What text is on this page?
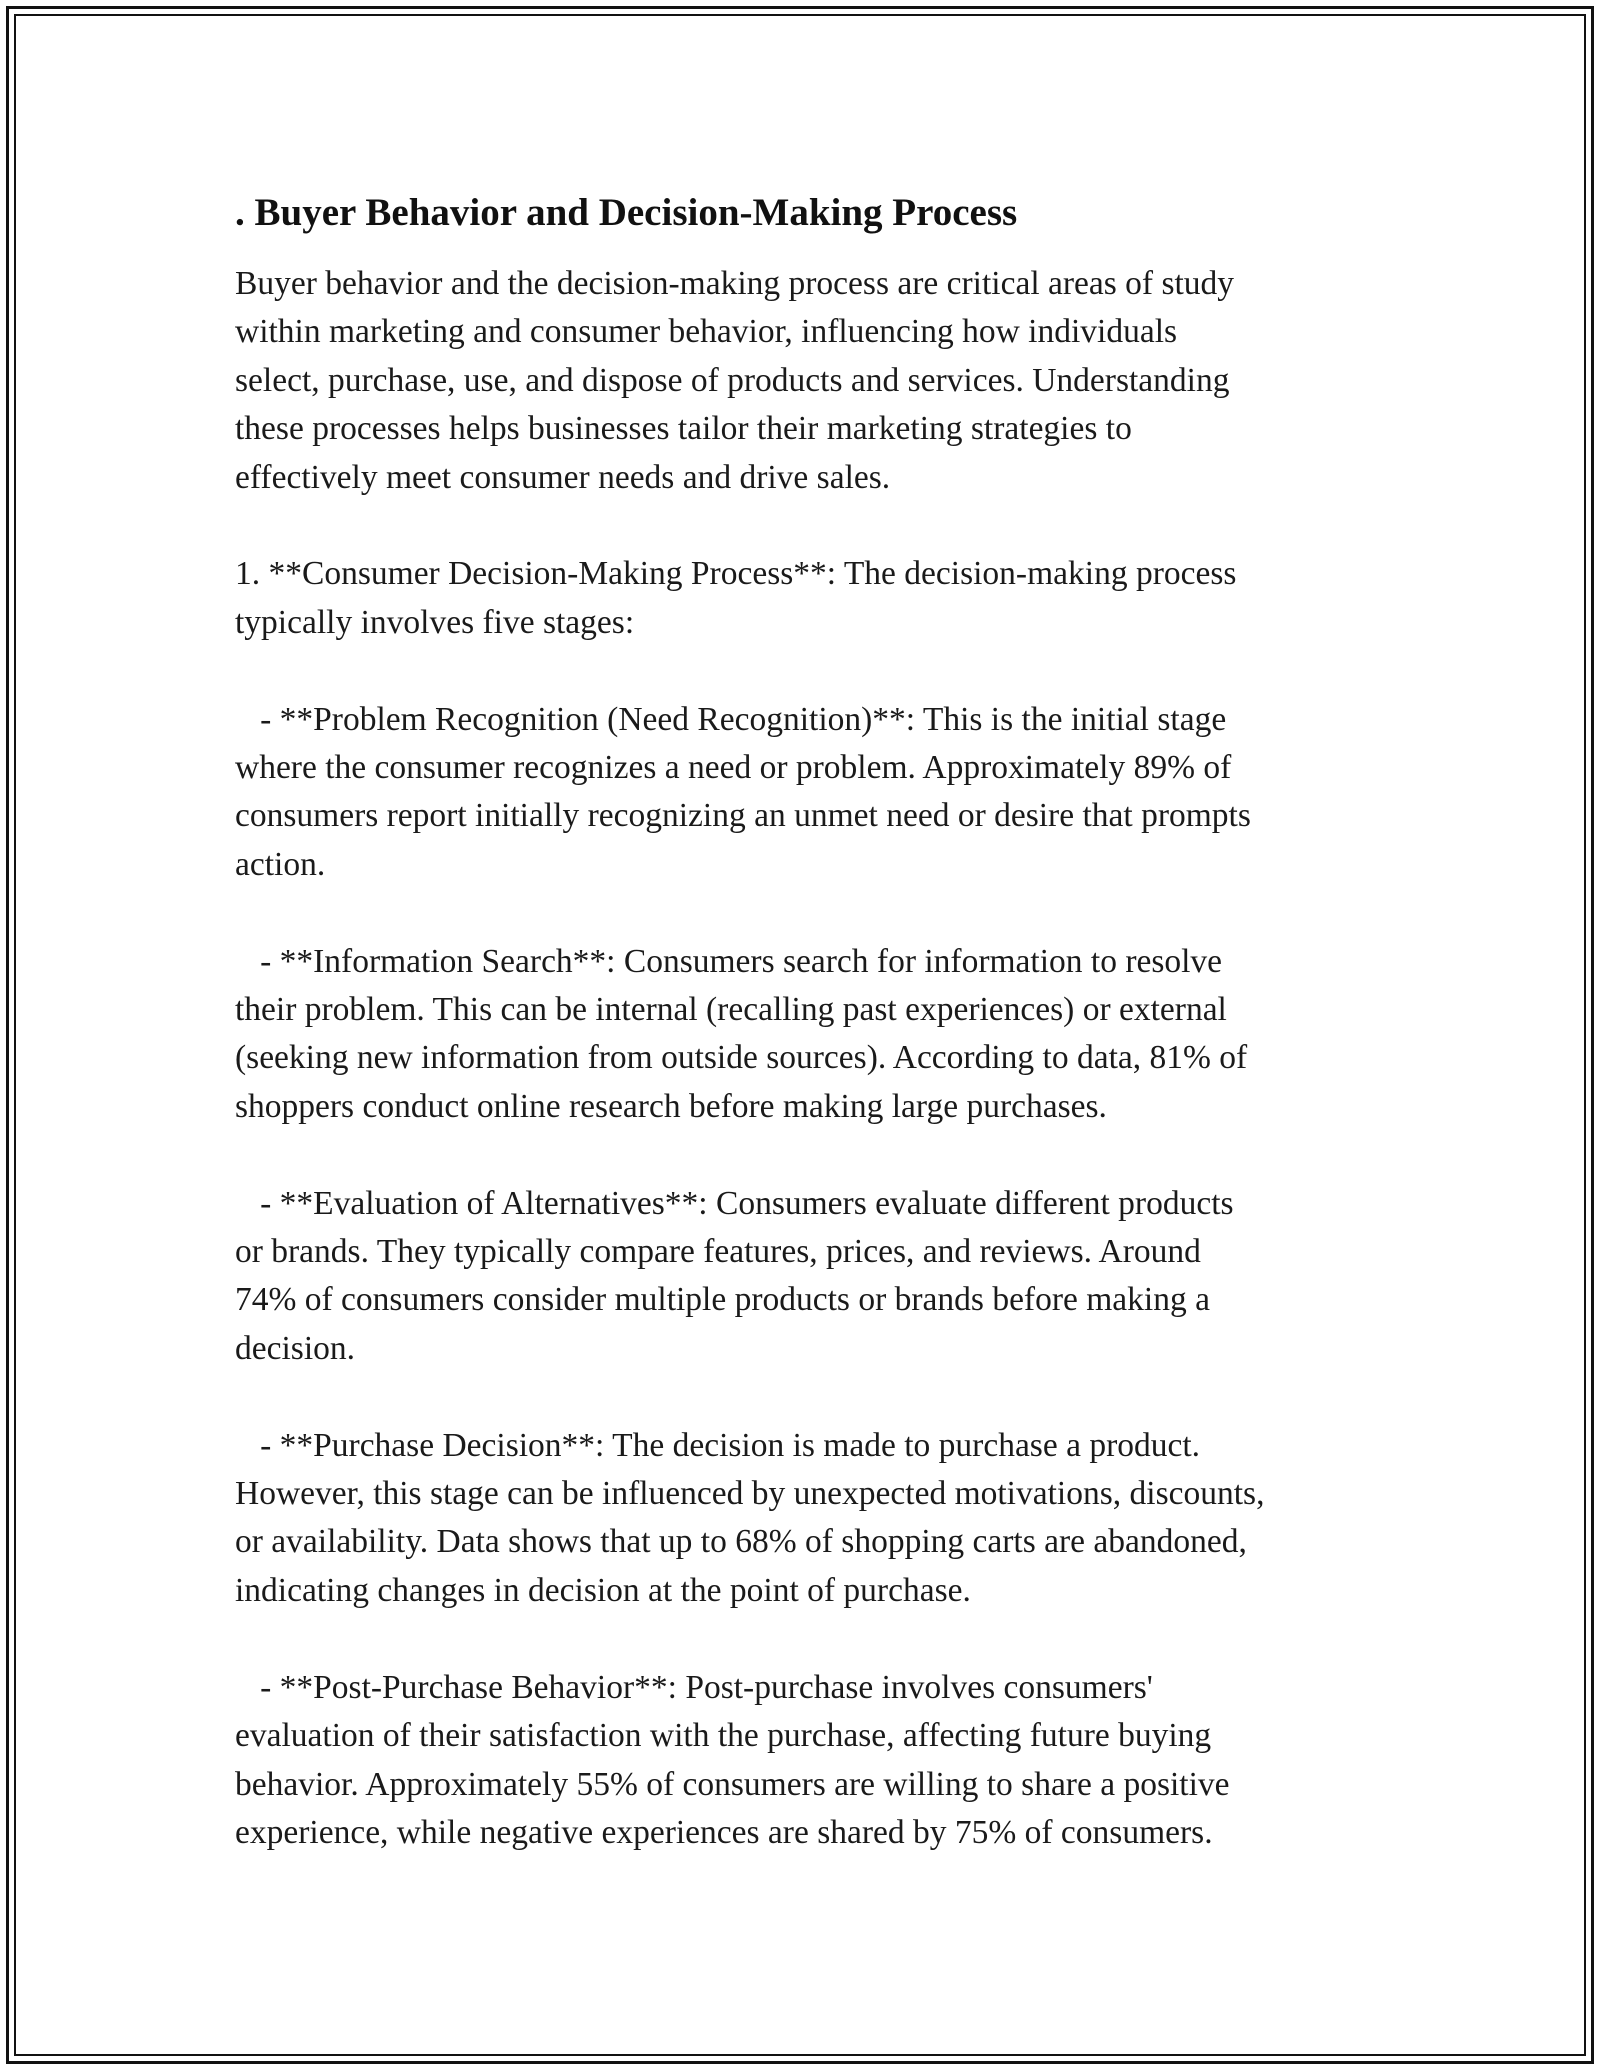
. Buyer Behavior and Decision-Making Process

Buyer behavior and the decision-making process are critical areas of study
within marketing and consumer behavior, influencing how individuals
select, purchase, use, and dispose of products and services. Understanding
these processes helps businesses tailor their marketing strategies to
effectively meet consumer needs and drive sales.

1. **Consumer Decision-Making Process**: The decision-making process
typically involves five stages:

- **Problem Recognition (Need Recognition)**: This is the initial stage
where the consumer recognizes a need or problem. Approximately 89% of
consumers report initially recognizing an unmet need or desire that prompts
action.

- **Information Search**: Consumers search for information to resolve
their problem. This can be internal (recalling past experiences) or external
(seeking new information from outside sources). According to data, 81% of
shoppers conduct online research before making large purchases.

- **Evaluation of Alternatives**: Consumers evaluate different products
or brands. They typically compare features, prices, and reviews. Around
74% of consumers consider multiple products or brands before making a
decision.

- **Purchase Decision**: The decision is made to purchase a product.
However, this stage can be influenced by unexpected motivations, discounts,
or availability. Data shows that up to 68% of shopping carts are abandoned,
indicating changes in decision at the point of purchase.

- **Post-Purchase Behavior**: Post-purchase involves consumers'
evaluation of their satisfaction with the purchase, affecting future buying
behavior. Approximately 55% of consumers are willing to share a positive
experience, while negative experiences are shared by 75% of consumers.
